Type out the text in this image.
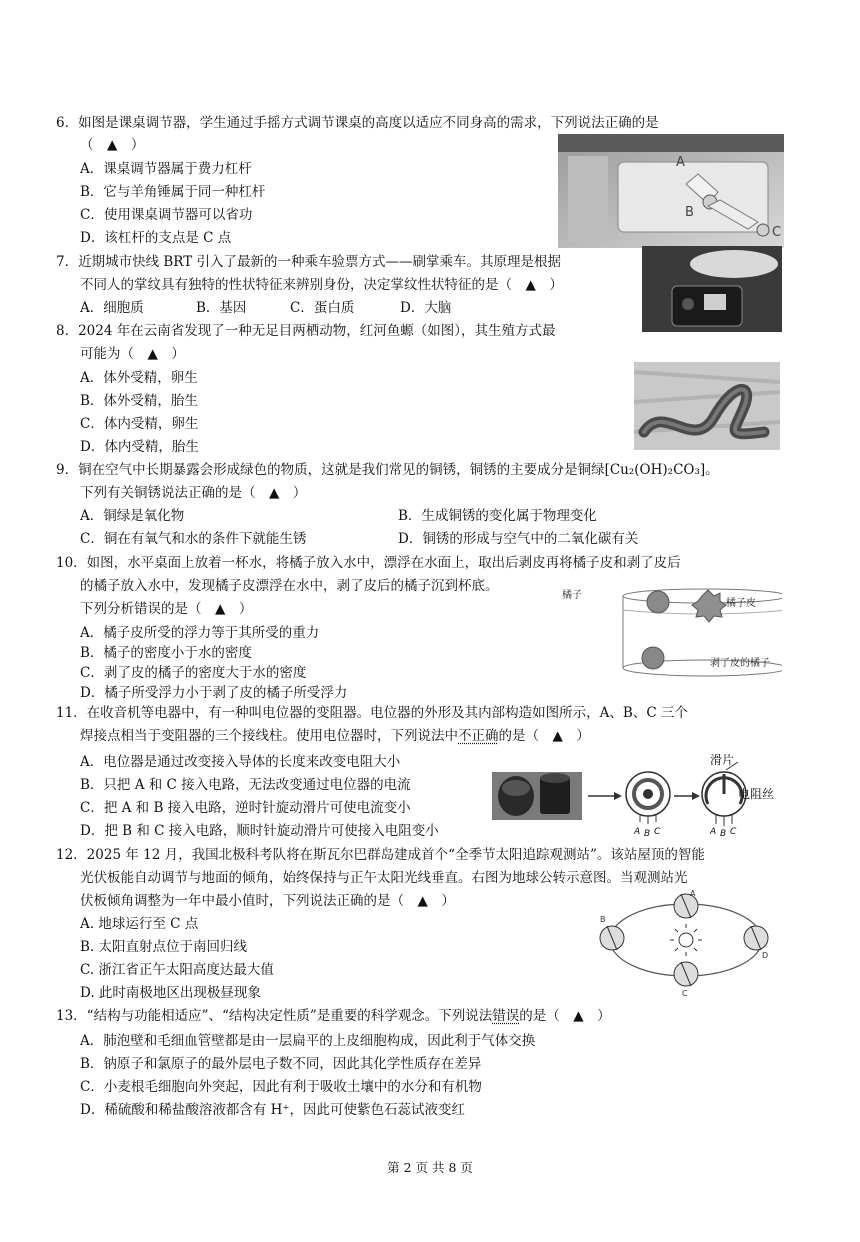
6．如图是课桌调节器，学生通过手摇方式调节课桌的高度以适应不同身高的需求，下列说法正确的是
（　▲　）
A．课桌调节器属于费力杠杆
B．它与羊角锤属于同一种杠杆
C．使用课桌调节器可以省功
D．该杠杆的支点是 C 点
A
B
C
7．近期城市快线 BRT 引入了最新的一种乘车验票方式——刷掌乘车。其原理是根据
不同人的掌纹具有独特的性状特征来辨别身份，决定掌纹性状特征的是（　▲　）
A．细胞质	B．基因	C．蛋白质	D．大脑
8．2024 年在云南省发现了一种无足目两栖动物，红河鱼螈（如图），其生殖方式最
可能为（　▲　）
A．体外受精，卵生
B．体外受精，胎生
C．体内受精，卵生
D．体内受精，胎生
9．铜在空气中长期暴露会形成绿色的物质，这就是我们常见的铜锈，铜锈的主要成分是铜绿[Cu₂(OH)₂CO₃]。
下列有关铜锈说法正确的是（　▲　）
A．铜绿是氧化物	B．生成铜锈的变化属于物理变化
C．铜在有氧气和水的条件下就能生锈	D．铜锈的形成与空气中的二氧化碳有关
10．如图，水平桌面上放着一杯水，将橘子放入水中，漂浮在水面上，取出后剥皮再将橘子皮和剥了皮后
的橘子放入水中，发现橘子皮漂浮在水中，剥了皮后的橘子沉到杯底。
下列分析错误的是（　▲　）
A．橘子皮所受的浮力等于其所受的重力
B．橘子的密度小于水的密度
C．剥了皮的橘子的密度大于水的密度
D．橘子所受浮力小于剥了皮的橘子所受浮力
橘子
橘子皮
剥了皮的橘子
11．在收音机等电器中，有一种叫电位器的变阻器。电位器的外形及其内部构造如图所示，A、B、C 三个
焊接点相当于变阻器的三个接线柱。使用电位器时，下列说法中不正确的是（　▲　）
A．电位器是通过改变接入导体的长度来改变电阻大小
B．只把 A 和 C 接入电路，无法改变通过电位器的电流
C．把 A 和 B 接入电路，逆时针旋动滑片可使电流变小
D．把 B 和 C 接入电路，顺时针旋动滑片可使接入电阻变小
滑片
电阻丝
A B C	A B C
12．2025 年 12 月，我国北极科考队将在斯瓦尔巴群岛建成首个“全季节太阳追踪观测站”。该站屋顶的智能
光伏板能自动调节与地面的倾角，始终保持与正午太阳光线垂直。右图为地球公转示意图。当观测站光
伏板倾角调整为一年中最小值时，下列说法正确的是（　▲　）
A. 地球运行至 C 点
B. 太阳直射点位于南回归线
C. 浙江省正午太阳高度达最大值
D. 此时南极地区出现极昼现象
A
B
C
D
13．“结构与功能相适应”、“结构决定性质”是重要的科学观念。下列说法错误的是（　▲　）
A．肺泡壁和毛细血管壁都是由一层扁平的上皮细胞构成，因此利于气体交换
B．钠原子和氯原子的最外层电子数不同，因此其化学性质存在差异
C．小麦根毛细胞向外突起，因此有利于吸收土壤中的水分和有机物
D．稀硫酸和稀盐酸溶液都含有 H⁺，因此可使紫色石蕊试液变红
第 2 页 共 8 页
